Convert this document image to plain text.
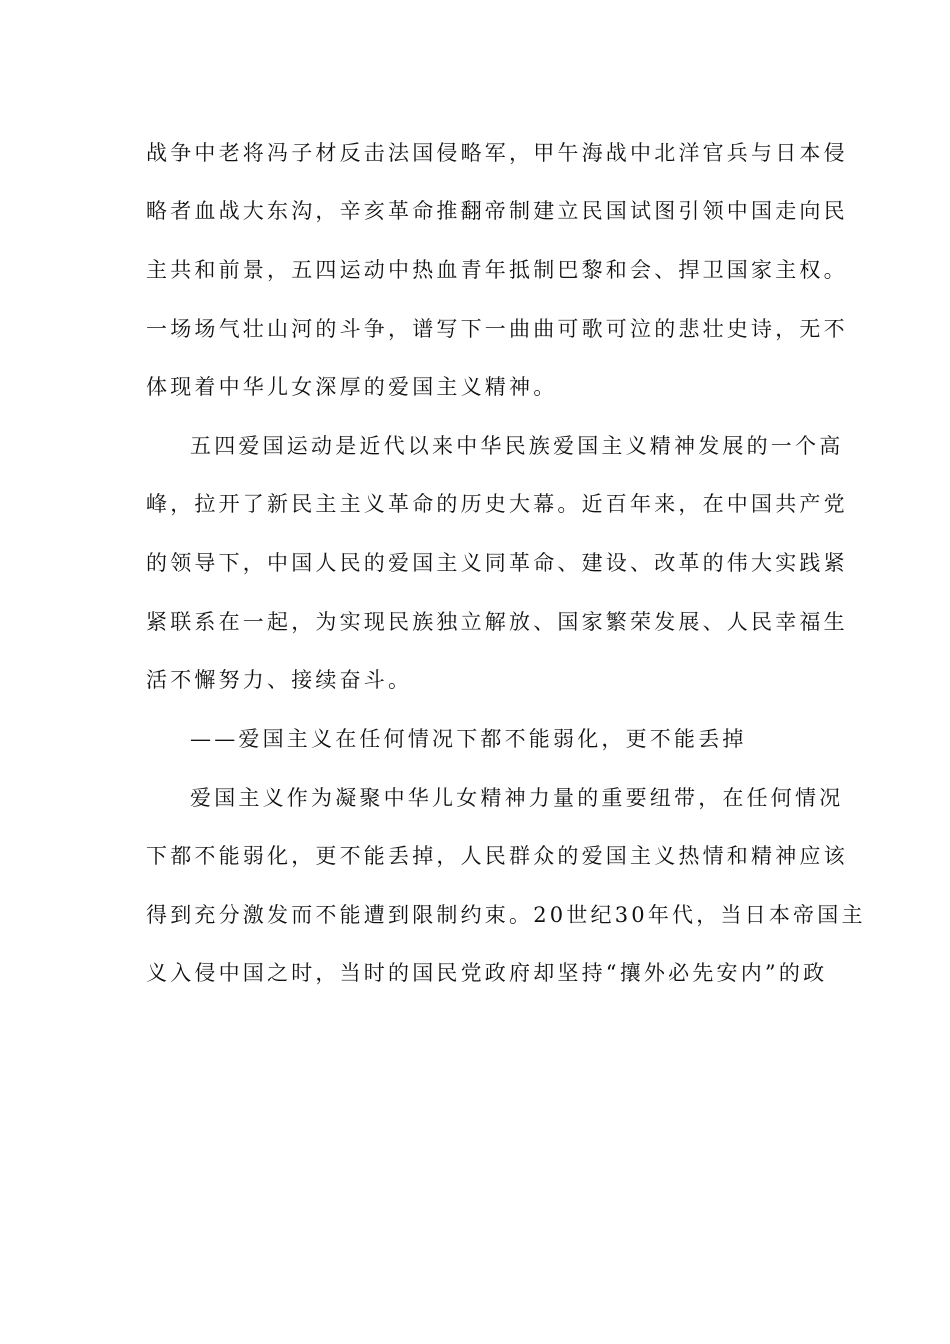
战争中老将冯子材反击法国侵略军，甲午海战中北洋官兵与日本侵
略者血战大东沟，辛亥革命推翻帝制建立民国试图引领中国走向民
主共和前景，五四运动中热血青年抵制巴黎和会、捍卫国家主权。
一场场气壮山河的斗争，谱写下一曲曲可歌可泣的悲壮史诗，无不
体现着中华儿女深厚的爱国主义精神。
五四爱国运动是近代以来中华民族爱国主义精神发展的一个高
峰，拉开了新民主主义革命的历史大幕。近百年来，在中国共产党
的领导下，中国人民的爱国主义同革命、建设、改革的伟大实践紧
紧联系在一起，为实现民族独立解放、国家繁荣发展、人民幸福生
活不懈努力、接续奋斗。
——爱国主义在任何情况下都不能弱化，更不能丢掉
爱国主义作为凝聚中华儿女精神力量的重要纽带，在任何情况
下都不能弱化，更不能丢掉，人民群众的爱国主义热情和精神应该
得到充分激发而不能遭到限制约束。20世纪30年代，当日本帝国主
义入侵中国之时，当时的国民党政府却坚持“攘外必先安内”的政
